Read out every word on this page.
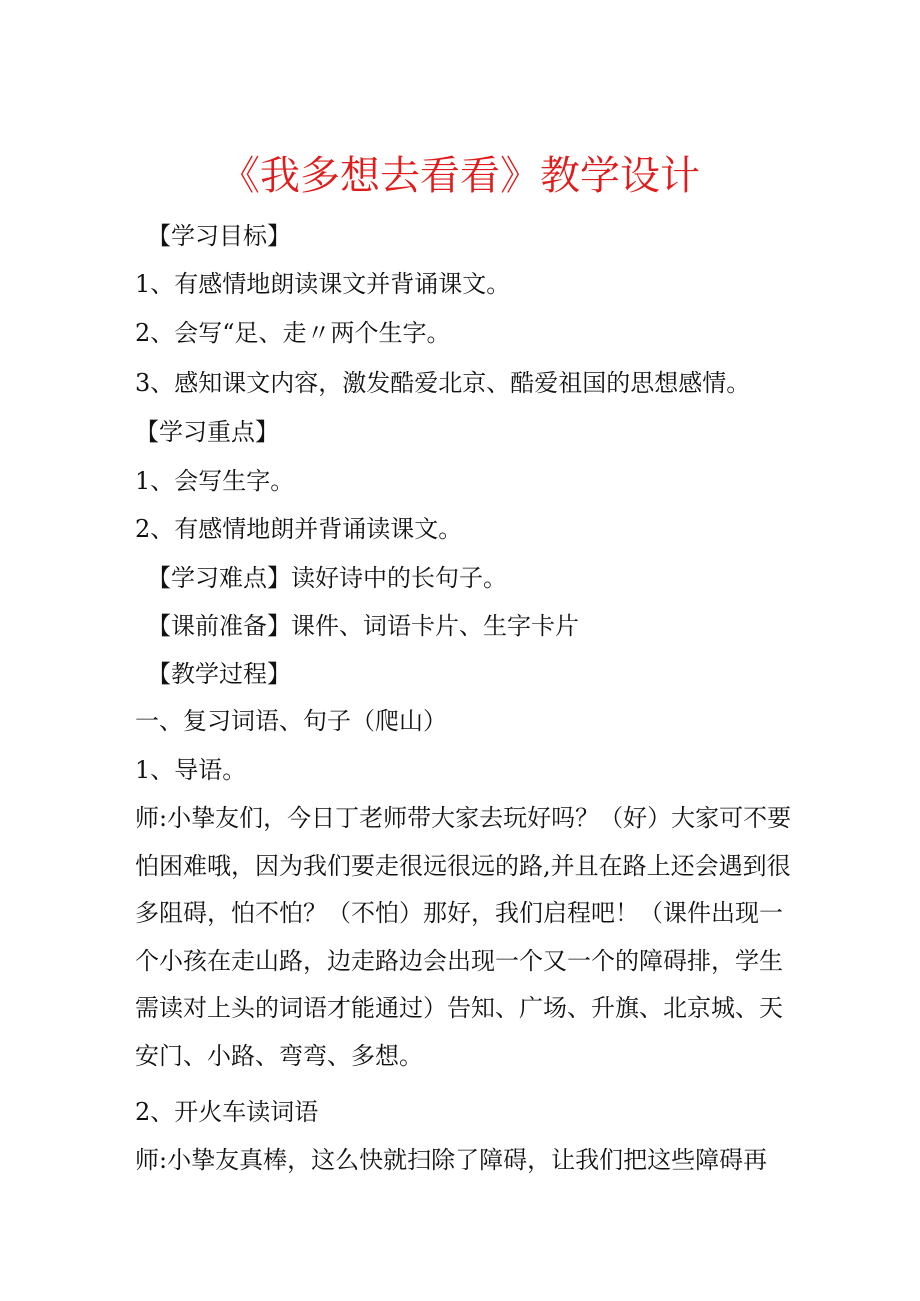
《我多想去看看》教学设计

【学习目标】

1、有感情地朗读课文并背诵课文。

2、会写“足、走〃两个生字。

3、感知课文内容，激发酷爱北京、酷爱祖国的思想感情。

【学习重点】

1、会写生字。

2、有感情地朗并背诵读课文。

【学习难点】读好诗中的长句子。

【课前准备】课件、词语卡片、生字卡片

【教学过程】

一、复习词语、句子（爬山）

1、导语。

师:小挚友们，今日丁老师带大家去玩好吗？（好）大家可不要怕困难哦，因为我们要走很远很远的路,并且在路上还会遇到很多阻碍，怕不怕？（不怕）那好，我们启程吧！（课件出现一个小孩在走山路，边走路边会出现一个又一个的障碍排，学生需读对上头的词语才能通过）告知、广场、升旗、北京城、天安门、小路、弯弯、多想。

2、开火车读词语

师:小挚友真棒，这么快就扫除了障碍，让我们把这些障碍再
